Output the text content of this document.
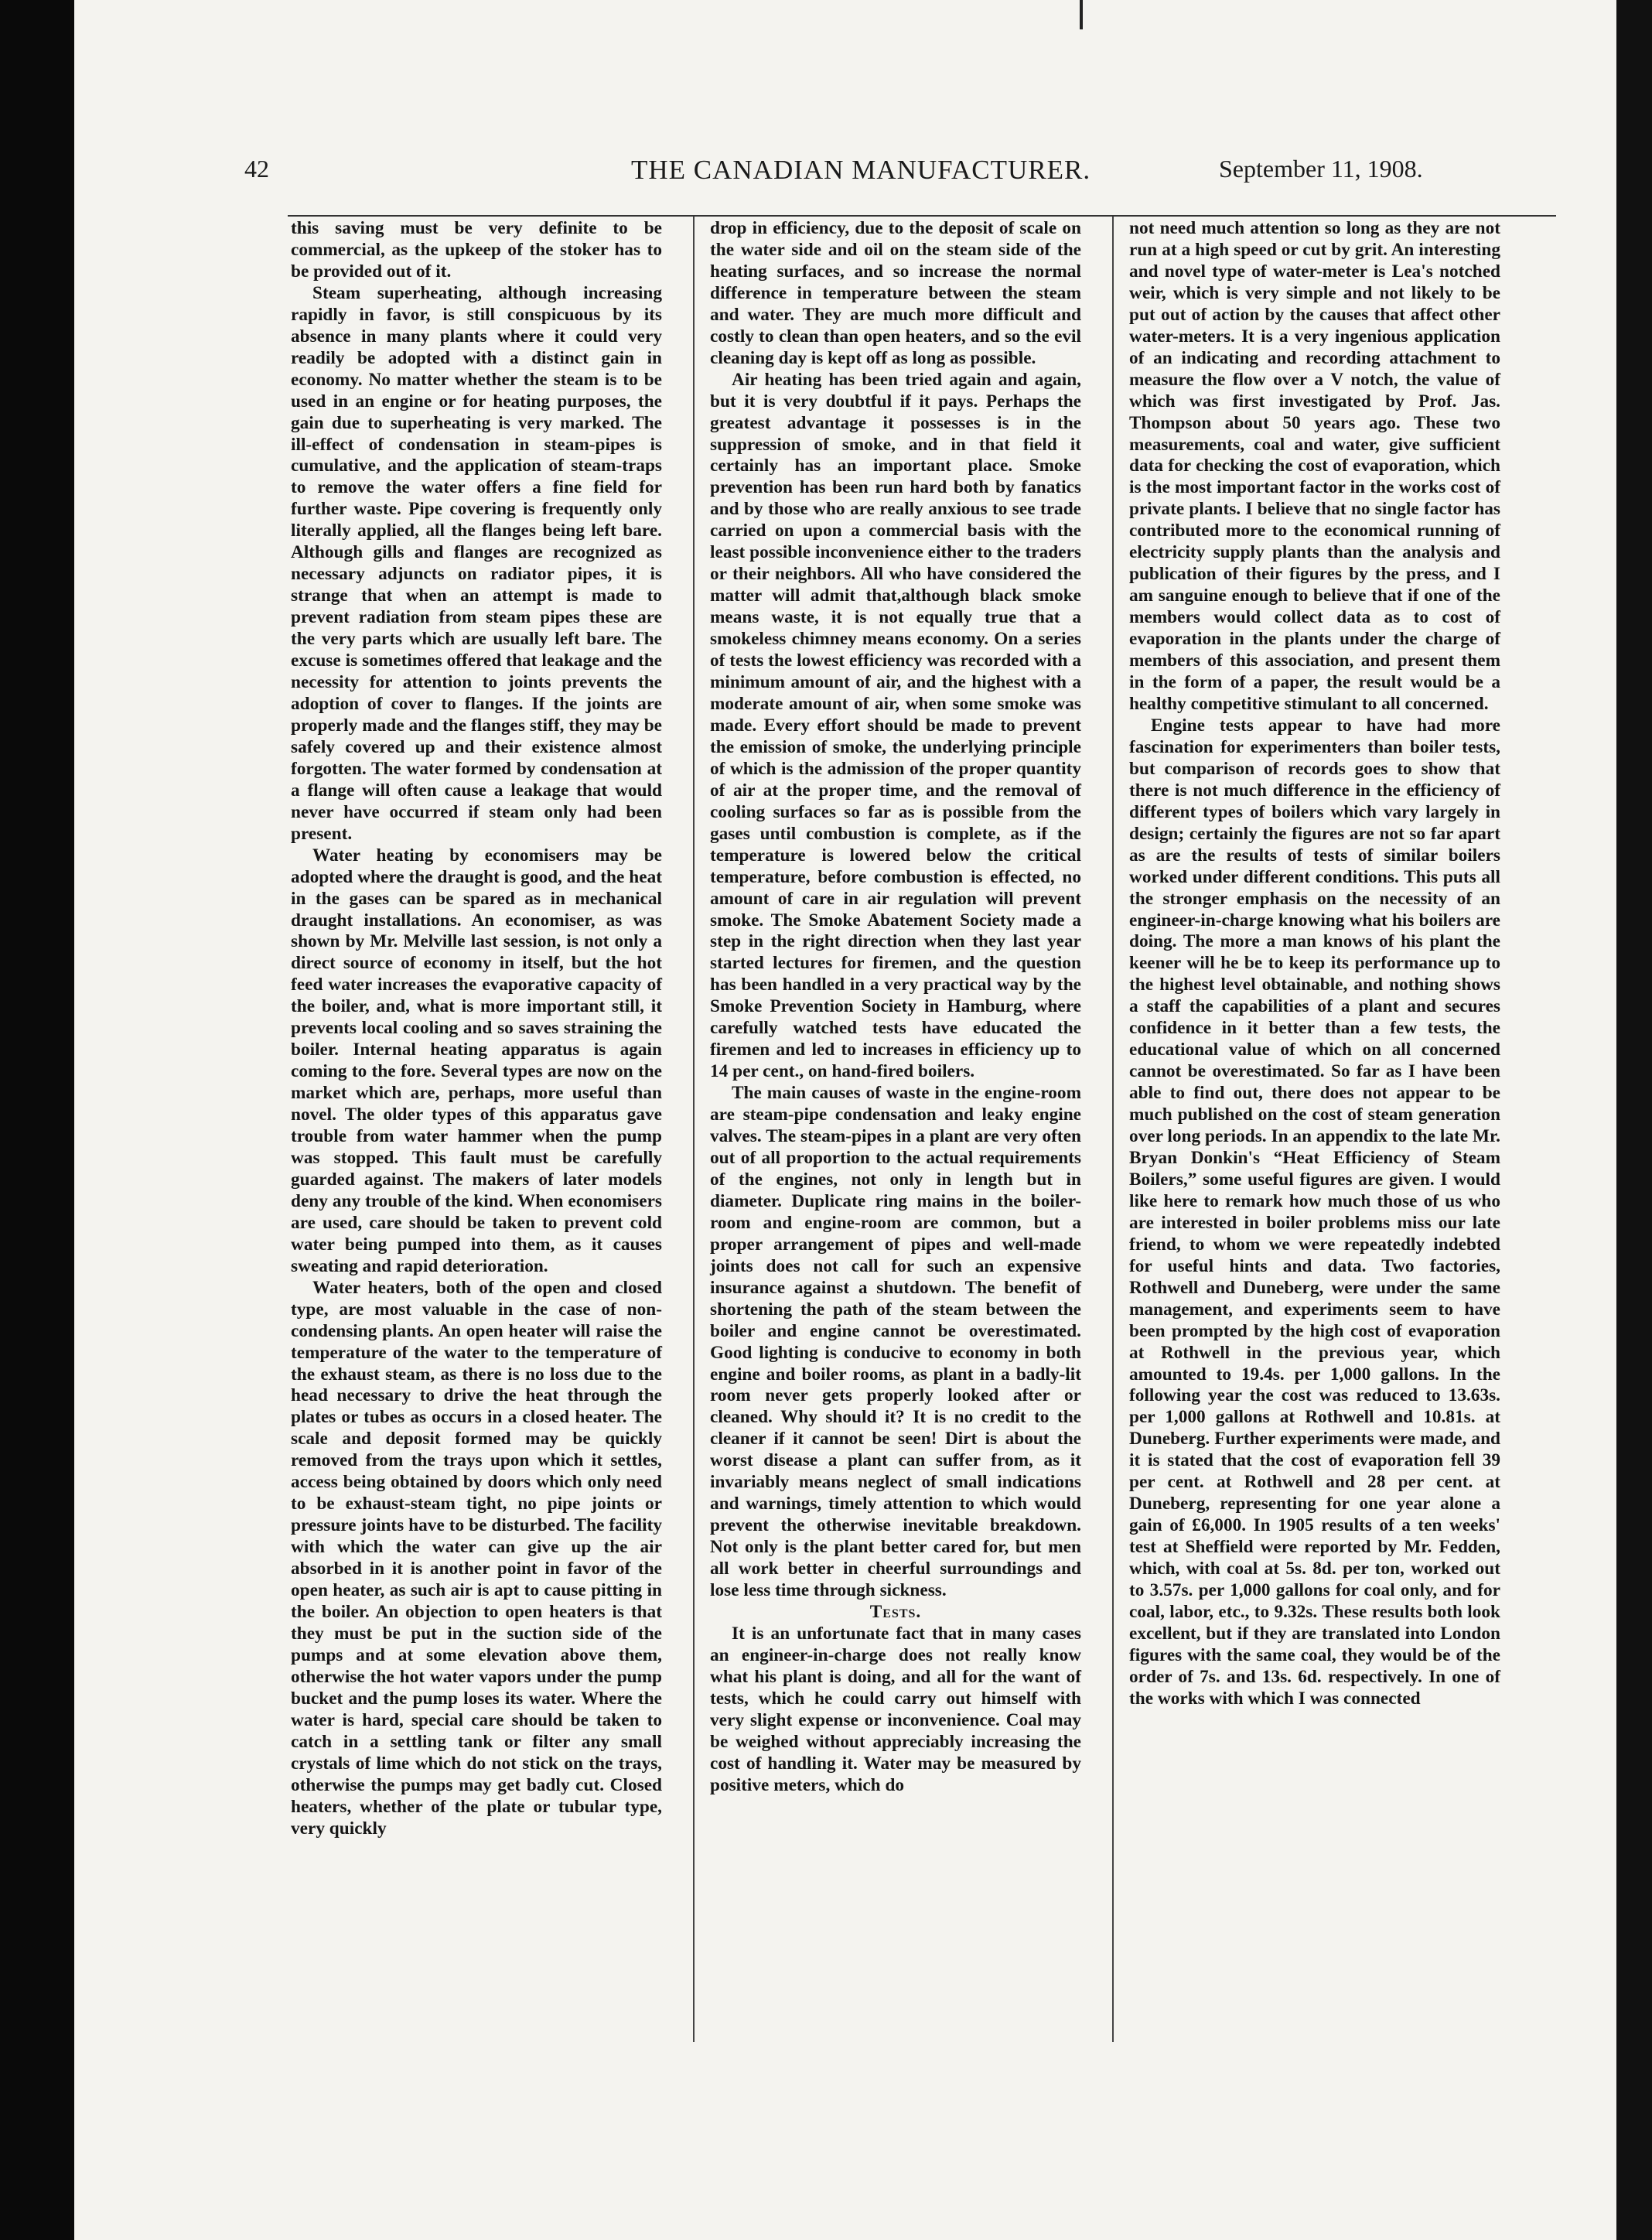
42	THE CANADIAN MANUFACTURER.	September 11, 1908.

this saving must be very definite to be commercial, as the upkeep of the stoker has to be provided out of it.

Steam superheating, although increasing rapidly in favor, is still conspicuous by its absence in many plants where it could very readily be adopted with a distinct gain in economy. No matter whether the steam is to be used in an engine or for heating purposes, the gain due to superheating is very marked. The ill-effect of condensation in steam-pipes is cumulative, and the application of steam-traps to remove the water offers a fine field for further waste. Pipe covering is frequently only literally applied, all the flanges being left bare. Although gills and flanges are recognized as necessary adjuncts on radiator pipes, it is strange that when an attempt is made to prevent radiation from steam pipes these are the very parts which are usually left bare. The excuse is sometimes offered that leakage and the necessity for attention to joints prevents the adoption of cover to flanges. If the joints are properly made and the flanges stiff, they may be safely covered up and their existence almost forgotten. The water formed by condensation at a flange will often cause a leakage that would never have occurred if steam only had been present.

Water heating by economisers may be adopted where the draught is good, and the heat in the gases can be spared as in mechanical draught installations. An economiser, as was shown by Mr. Melville last session, is not only a direct source of economy in itself, but the hot feed water increases the evaporative capacity of the boiler, and, what is more important still, it prevents local cooling and so saves straining the boiler. Internal heating apparatus is again coming to the fore. Several types are now on the market which are, perhaps, more useful than novel. The older types of this apparatus gave trouble from water hammer when the pump was stopped. This fault must be carefully guarded against. The makers of later models deny any trouble of the kind. When economisers are used, care should be taken to prevent cold water being pumped into them, as it causes sweating and rapid deterioration.

Water heaters, both of the open and closed type, are most valuable in the case of non-condensing plants. An open heater will raise the temperature of the water to the temperature of the exhaust steam, as there is no loss due to the head necessary to drive the heat through the plates or tubes as occurs in a closed heater. The scale and deposit formed may be quickly removed from the trays upon which it settles, access being obtained by doors which only need to be exhaust-steam tight, no pipe joints or pressure joints have to be disturbed. The facility with which the water can give up the air absorbed in it is another point in favor of the open heater, as such air is apt to cause pitting in the boiler. An objection to open heaters is that they must be put in the suction side of the pumps and at some elevation above them, otherwise the hot water vapors under the pump bucket and the pump loses its water. Where the water is hard, special care should be taken to catch in a settling tank or filter any small crystals of lime which do not stick on the trays, otherwise the pumps may get badly cut. Closed heaters, whether of the plate or tubular type, very quickly

drop in efficiency, due to the deposit of scale on the water side and oil on the steam side of the heating surfaces, and so increase the normal difference in temperature between the steam and water. They are much more difficult and costly to clean than open heaters, and so the evil cleaning day is kept off as long as possible.

Air heating has been tried again and again, but it is very doubtful if it pays. Perhaps the greatest advantage it possesses is in the suppression of smoke, and in that field it certainly has an important place. Smoke prevention has been run hard both by fanatics and by those who are really anxious to see trade carried on upon a commercial basis with the least possible inconvenience either to the traders or their neighbors. All who have considered the matter will admit that,although black smoke means waste, it is not equally true that a smokeless chimney means economy. On a series of tests the lowest efficiency was recorded with a minimum amount of air, and the highest with a moderate amount of air, when some smoke was made. Every effort should be made to prevent the emission of smoke, the underlying principle of which is the admission of the proper quantity of air at the proper time, and the removal of cooling surfaces so far as is possible from the gases until combustion is complete, as if the temperature is lowered below the critical temperature, before combustion is effected, no amount of care in air regulation will prevent smoke. The Smoke Abatement Society made a step in the right direction when they last year started lectures for firemen, and the question has been handled in a very practical way by the Smoke Prevention Society in Hamburg, where carefully watched tests have educated the firemen and led to increases in efficiency up to 14 per cent., on hand-fired boilers.

The main causes of waste in the engine-room are steam-pipe condensation and leaky engine valves. The steam-pipes in a plant are very often out of all proportion to the actual requirements of the engines, not only in length but in diameter. Duplicate ring mains in the boiler-room and engine-room are common, but a proper arrangement of pipes and well-made joints does not call for such an expensive insurance against a shutdown. The benefit of shortening the path of the steam between the boiler and engine cannot be overestimated. Good lighting is conducive to economy in both engine and boiler rooms, as plant in a badly-lit room never gets properly looked after or cleaned. Why should it? It is no credit to the cleaner if it cannot be seen! Dirt is about the worst disease a plant can suffer from, as it invariably means neglect of small indications and warnings, timely attention to which would prevent the otherwise inevitable breakdown. Not only is the plant better cared for, but men all work better in cheerful surroundings and lose less time through sickness.

Tests.

It is an unfortunate fact that in many cases an engineer-in-charge does not really know what his plant is doing, and all for the want of tests, which he could carry out himself with very slight expense or inconvenience. Coal may be weighed without appreciably increasing the cost of handling it. Water may be measured by positive meters, which do

not need much attention so long as they are not run at a high speed or cut by grit. An interesting and novel type of water-meter is Lea's notched weir, which is very simple and not likely to be put out of action by the causes that affect other water-meters. It is a very ingenious application of an indicating and recording attachment to measure the flow over a V notch, the value of which was first investigated by Prof. Jas. Thompson about 50 years ago. These two measurements, coal and water, give sufficient data for checking the cost of evaporation, which is the most important factor in the works cost of private plants. I believe that no single factor has contributed more to the economical running of electricity supply plants than the analysis and publication of their figures by the press, and I am sanguine enough to believe that if one of the members would collect data as to cost of evaporation in the plants under the charge of members of this association, and present them in the form of a paper, the result would be a healthy competitive stimulant to all concerned.

Engine tests appear to have had more fascination for experimenters than boiler tests, but comparison of records goes to show that there is not much difference in the efficiency of different types of boilers which vary largely in design; certainly the figures are not so far apart as are the results of tests of similar boilers worked under different conditions. This puts all the stronger emphasis on the necessity of an engineer-in-charge knowing what his boilers are doing. The more a man knows of his plant the keener will he be to keep its performance up to the highest level obtainable, and nothing shows a staff the capabilities of a plant and secures confidence in it better than a few tests, the educational value of which on all concerned cannot be overestimated. So far as I have been able to find out, there does not appear to be much published on the cost of steam generation over long periods. In an appendix to the late Mr. Bryan Donkin's “Heat Efficiency of Steam Boilers,” some useful figures are given. I would like here to remark how much those of us who are interested in boiler problems miss our late friend, to whom we were repeatedly indebted for useful hints and data. Two factories, Rothwell and Duneberg, were under the same management, and experiments seem to have been prompted by the high cost of evaporation at Rothwell in the previous year, which amounted to 19.4s. per 1,000 gallons. In the following year the cost was reduced to 13.63s. per 1,000 gallons at Rothwell and 10.81s. at Duneberg. Further experiments were made, and it is stated that the cost of evaporation fell 39 per cent. at Rothwell and 28 per cent. at Duneberg, representing for one year alone a gain of £6,000. In 1905 results of a ten weeks' test at Sheffield were reported by Mr. Fedden, which, with coal at 5s. 8d. per ton, worked out to 3.57s. per 1,000 gallons for coal only, and for coal, labor, etc., to 9.32s. These results both look excellent, but if they are translated into London figures with the same coal, they would be of the order of 7s. and 13s. 6d. respectively. In one of the works with which I was connected
